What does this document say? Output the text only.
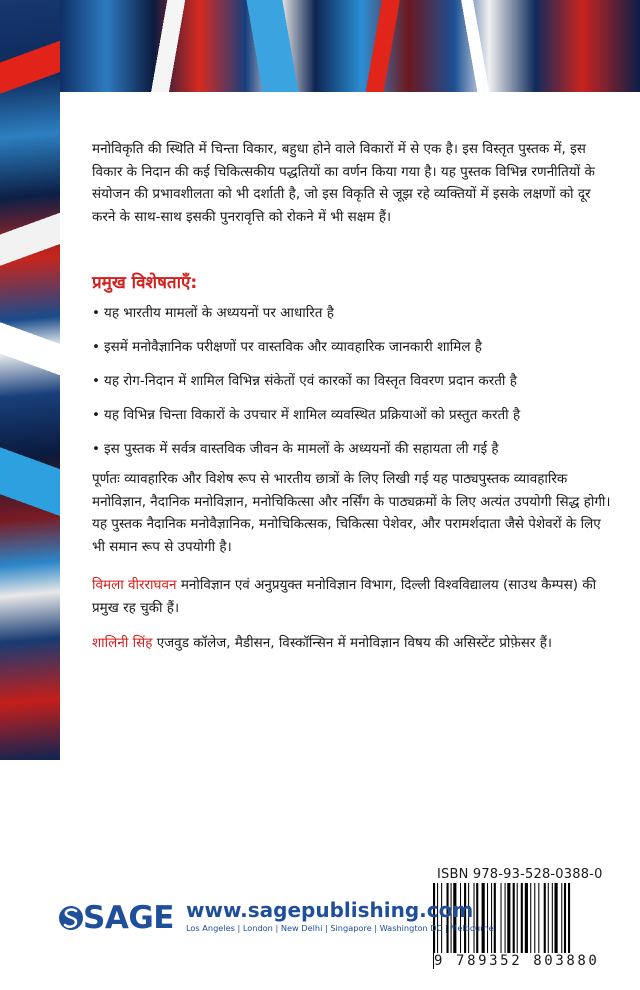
मनोविकृति की स्थिति में चिन्ता विकार, बहुधा होने वाले विकारों में से एक है। इस विस्तृत पुस्तक में, इस विकार के निदान की कई चिकित्सकीय पद्धतियों का वर्णन किया गया है। यह पुस्तक विभिन्न रणनीतियों के संयोजन की प्रभावशीलता को भी दर्शाती है, जो इस विकृति से जूझ रहे व्यक्तियों में इसके लक्षणों को दूर करने के साथ-साथ इसकी पुनरावृत्ति को रोकने में भी सक्षम हैं।

प्रमुख विशेषताएँ:
• यह भारतीय मामलों के अध्ययनों पर आधारित है
• इसमें मनोवैज्ञानिक परीक्षणों पर वास्तविक और व्यावहारिक जानकारी शामिल है
• यह रोग-निदान में शामिल विभिन्न संकेतों एवं कारकों का विस्तृत विवरण प्रदान करती है
• यह विभिन्न चिन्ता विकारों के उपचार में शामिल व्यवस्थित प्रक्रियाओं को प्रस्तुत करती है
• इस पुस्तक में सर्वत्र वास्तविक जीवन के मामलों के अध्ययनों की सहायता ली गई है

पूर्णतः व्यावहारिक और विशेष रूप से भारतीय छात्रों के लिए लिखी गई यह पाठ्यपुस्तक व्यावहारिक मनोविज्ञान, नैदानिक मनोविज्ञान, मनोचिकित्सा और नर्सिंग के पाठ्यक्रमों के लिए अत्यंत उपयोगी सिद्ध होगी। यह पुस्तक नैदानिक मनोवैज्ञानिक, मनोचिकित्सक, चिकित्सा पेशेवर, और परामर्शदाता जैसे पेशेवरों के लिए भी समान रूप से उपयोगी है।

विमला वीरराघवन मनोविज्ञान एवं अनुप्रयुक्त मनोविज्ञान विभाग, दिल्ली विश्वविद्यालय (साउथ कैम्पस) की प्रमुख रह चुकी हैं।

शालिनी सिंह एजवुड कॉलेज, मैडीसन, विस्कॉन्सिन में मनोविज्ञान विषय की असिस्टेंट प्रोफ़ेसर हैं।

ISBN 978-93-528-0388-0
9 789352 803880
SAGE www.sagepublishing.com
Los Angeles | London | New Delhi | Singapore | Washington DC | Melbourne
